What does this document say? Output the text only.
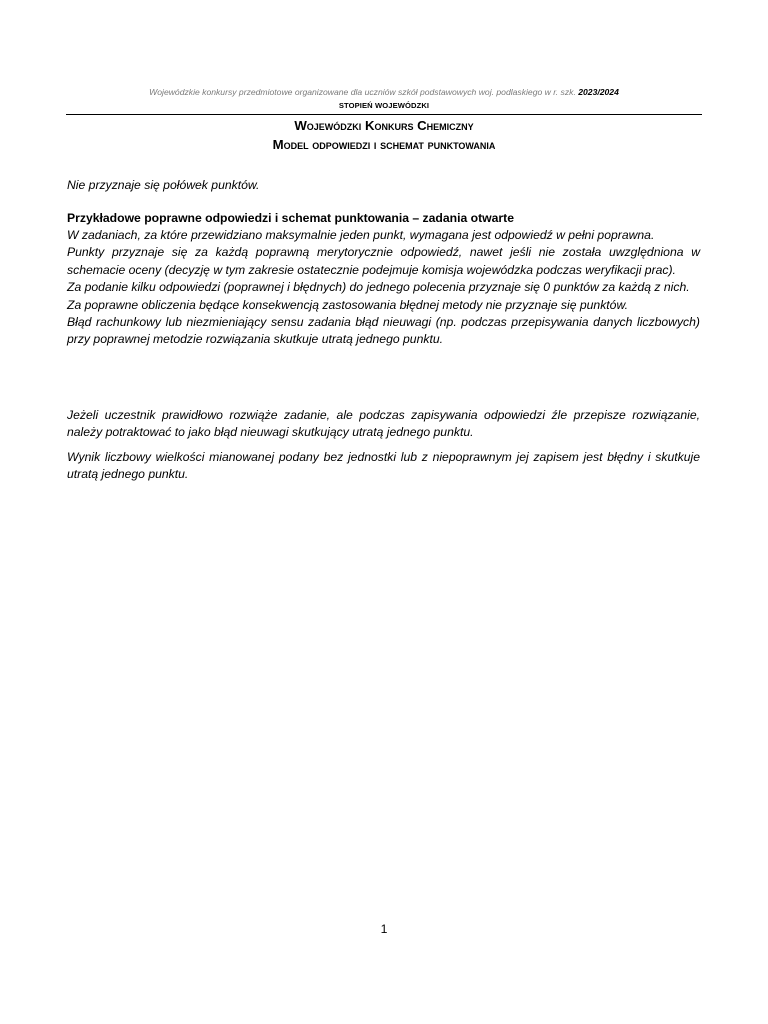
Wojewódzkie konkursy przedmiotowe organizowane dla uczniów szkół podstawowych woj. podlaskiego w r. szk. 2023/2024
STOPIEŃ WOJEWÓDZKI
Wojewódzki Konkurs Chemiczny
Model odpowiedzi i schemat punktowania
Nie przyznaje się połówek punktów.
Przykładowe poprawne odpowiedzi i schemat punktowania – zadania otwarte

W zadaniach, za które przewidziano maksymalnie jeden punkt, wymagana jest odpowiedź w pełni poprawna.

Punkty przyznaje się za każdą poprawną merytorycznie odpowiedź, nawet jeśli nie została uwzględniona w schemacie oceny (decyzję w tym zakresie ostatecznie podejmuje komisja wojewódzka podczas weryfikacji prac).

Za podanie kilku odpowiedzi (poprawnej i błędnych) do jednego polecenia przyznaje się 0 punktów za każdą z nich.

Za poprawne obliczenia będące konsekwencją zastosowania błędnej metody nie przyznaje się punktów.

Błąd rachunkowy lub niezmieniający sensu zadania błąd nieuwagi (np. podczas przepisywania danych liczbowych) przy poprawnej metodzie rozwiązania skutkuje utratą jednego punktu.

Jeżeli uczestnik prawidłowo rozwiąże zadanie, ale podczas zapisywania odpowiedzi źle przepisze rozwiązanie, należy potraktować to jako błąd nieuwagi skutkujący utratą jednego punktu.
Wynik liczbowy wielkości mianowanej podany bez jednostki lub z niepoprawnym jej zapisem jest błędny i skutkuje utratą jednego punktu.
1
